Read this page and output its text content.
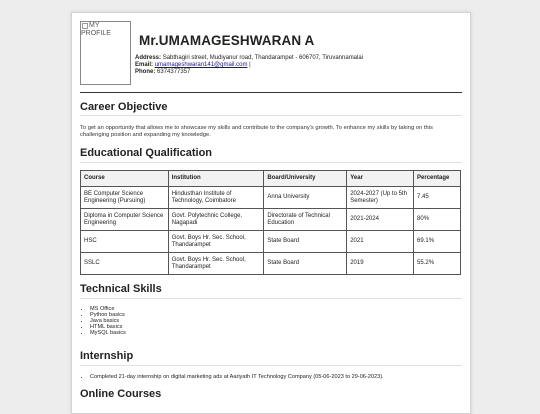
MY PROFILE	Mr.UMAMAGESHWARAN A
Address: Sabthagiri street, Mudiyanur road, Thandarampet - 606707, Tiruvannamalai
Email: umamageshwaran141@gmail.com |
Phone: 6374377357
Career Objective
To get an opportunity that allows me to showcase my skills and contribute to the company's growth. To enhance my skills by taking on this challenging position and expanding my knowledge.
Educational Qualification
Course	Institution	Board/University	Year	Percentage
BE Computer Science Engineering (Pursuing)	Hindusthan Institute of Technology, Coimbatore	Anna University	2024-2027 (Up to 5th Semester)	7.45
Diploma in Computer Science Engineering	Govt. Polytechnic College, Nagapadi	Directorate of Technical Education	2021-2024	80%
HSC	Govt. Boys Hr. Sec. School, Thandarampet	State Board	2021	69.1%
SSLC	Govt. Boys Hr. Sec. School, Thandarampet	State Board	2019	55.2%
Technical Skills
• MS Office
• Python basics
• Java basics
• HTML basics
• MySQL basics
Internship
• Completed 21-day internship on digital marketing ads at Aariyath IT Technology Company (05-06-2023 to 29-06-2023).
Online Courses
